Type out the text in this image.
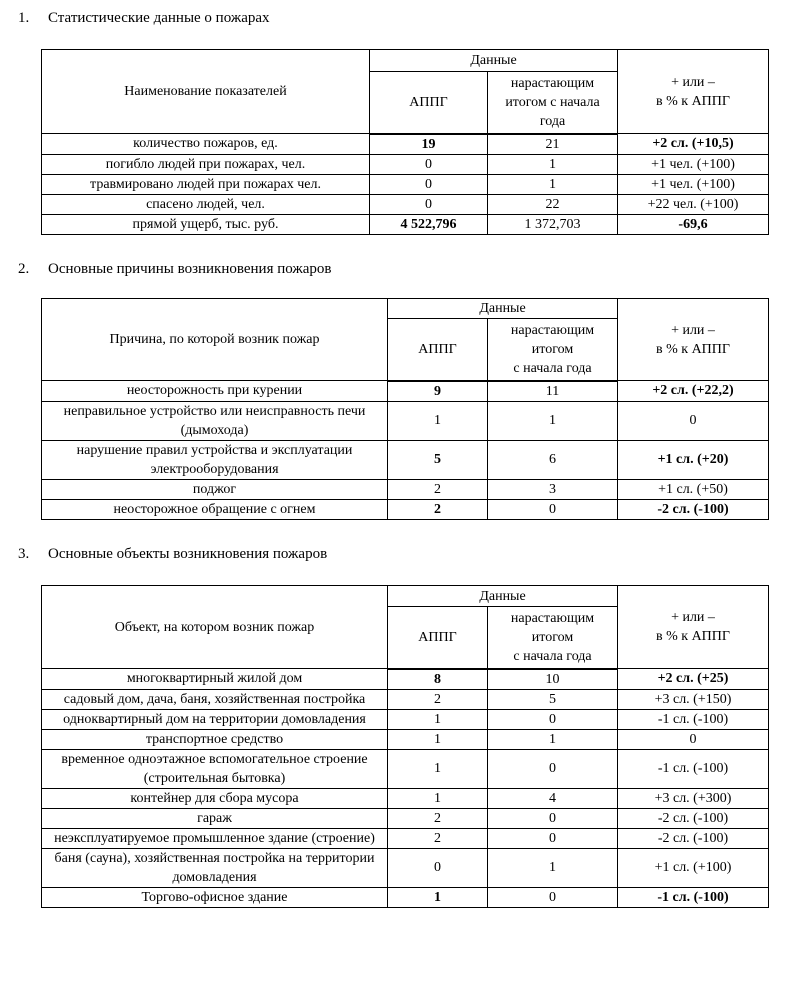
1. Статистические данные о пожарах
Наименование показателей	Данные		+ или –
в % к АППГ
	АППГ	нарастающим итогом с начала года	
количество пожаров, ед.	19	21	+2 сл. (+10,5)
погибло людей при пожарах, чел.	0	1	+1 чел. (+100)
травмировано людей при пожарах чел.	0	1	+1 чел. (+100)
спасено людей, чел.	0	22	+22 чел. (+100)
прямой ущерб, тыс. руб.	4 522,796	1 372,703	-69,6
2. Основные причины возникновения пожаров
Причина, по которой возник пожар	Данные		+ или –
в % к АППГ
	АППГ	нарастающим
итогом
с начала года	
неосторожность при курении	9	11	+2 сл. (+22,2)
неправильное устройство или неисправность печи (дымохода)	1	1	0
нарушение правил устройства и эксплуатации электрооборудования	5	6	+1 сл. (+20)
поджог	2	3	+1 сл. (+50)
неосторожное обращение с огнем	2	0	-2 сл. (-100)
3. Основные объекты возникновения пожаров
Объект, на котором возник пожар	Данные		+ или –
в % к АППГ
	АППГ	нарастающим
итогом
с начала года	
многоквартирный жилой дом	8	10	+2 сл. (+25)
садовый дом, дача, баня, хозяйственная постройка	2	5	+3 сл. (+150)
одноквартирный дом на территории домовладения	1	0	-1 сл. (-100)
транспортное средство	1	1	0
временное одноэтажное вспомогательное строение (строительная бытовка)	1	0	-1 сл. (-100)
контейнер для сбора мусора	1	4	+3 сл. (+300)
гараж	2	0	-2 сл. (-100)
неэксплуатируемое промышленное здание (строение)	2	0	-2 сл. (-100)
баня (сауна), хозяйственная постройка на территории домовладения	0	1	+1 сл. (+100)
Торгово-офисное здание	1	0	-1 сл. (-100)
